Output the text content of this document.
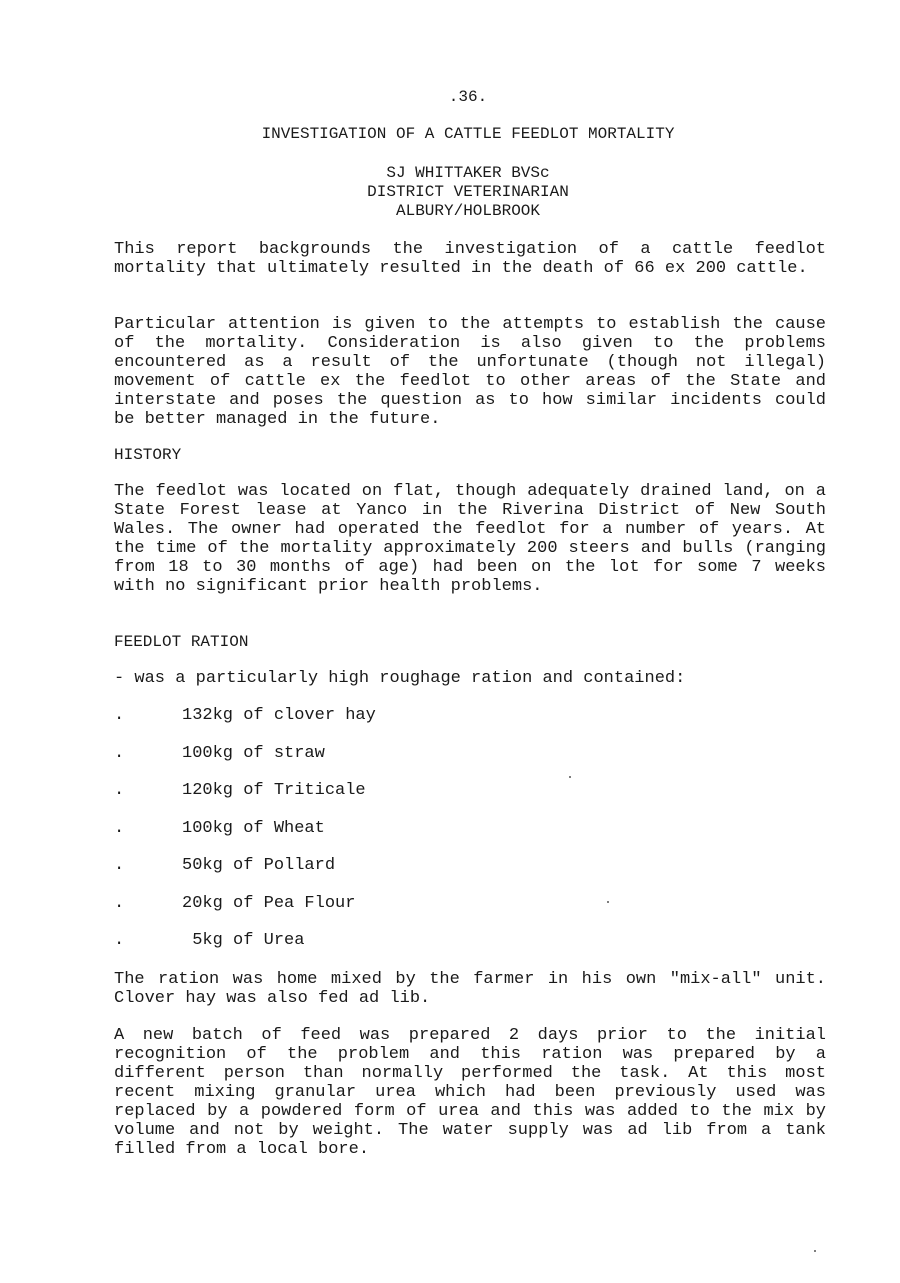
.36.
INVESTIGATION OF A CATTLE FEEDLOT MORTALITY
SJ WHITTAKER BVSc
DISTRICT VETERINARIAN
ALBURY/HOLBROOK
This report backgrounds the investigation of a cattle feedlot mortality that ultimately resulted in the death of 66 ex 200 cattle.
Particular attention is given to the attempts to establish the cause of the mortality. Consideration is also given to the problems encountered as a result of the unfortunate (though not illegal) movement of cattle ex the feedlot to other areas of the State and interstate and poses the question as to how similar incidents could be better managed in the future.
HISTORY
The feedlot was located on flat, though adequately drained land, on a State Forest lease at Yanco in the Riverina District of New South Wales. The owner had operated the feedlot for a number of years. At the time of the mortality approximately 200 steers and bulls (ranging from 18 to 30 months of age) had been on the lot for some 7 weeks with no significant prior health problems.
FEEDLOT RATION
- was a particularly high roughage ration and contained:
.	132kg of clover hay
.	100kg of straw
.	120kg of Triticale
.	100kg of Wheat
.	50kg of Pollard
.	20kg of Pea Flour
.	5kg of Urea
The ration was home mixed by the farmer in his own "mix-all" unit. Clover hay was also fed ad lib.
A new batch of feed was prepared 2 days prior to the initial recognition of the problem and this ration was prepared by a different person than normally performed the task. At this most recent mixing granular urea which had been previously used was replaced by a powdered form of urea and this was added to the mix by volume and not by weight. The water supply was ad lib from a tank filled from a local bore.
